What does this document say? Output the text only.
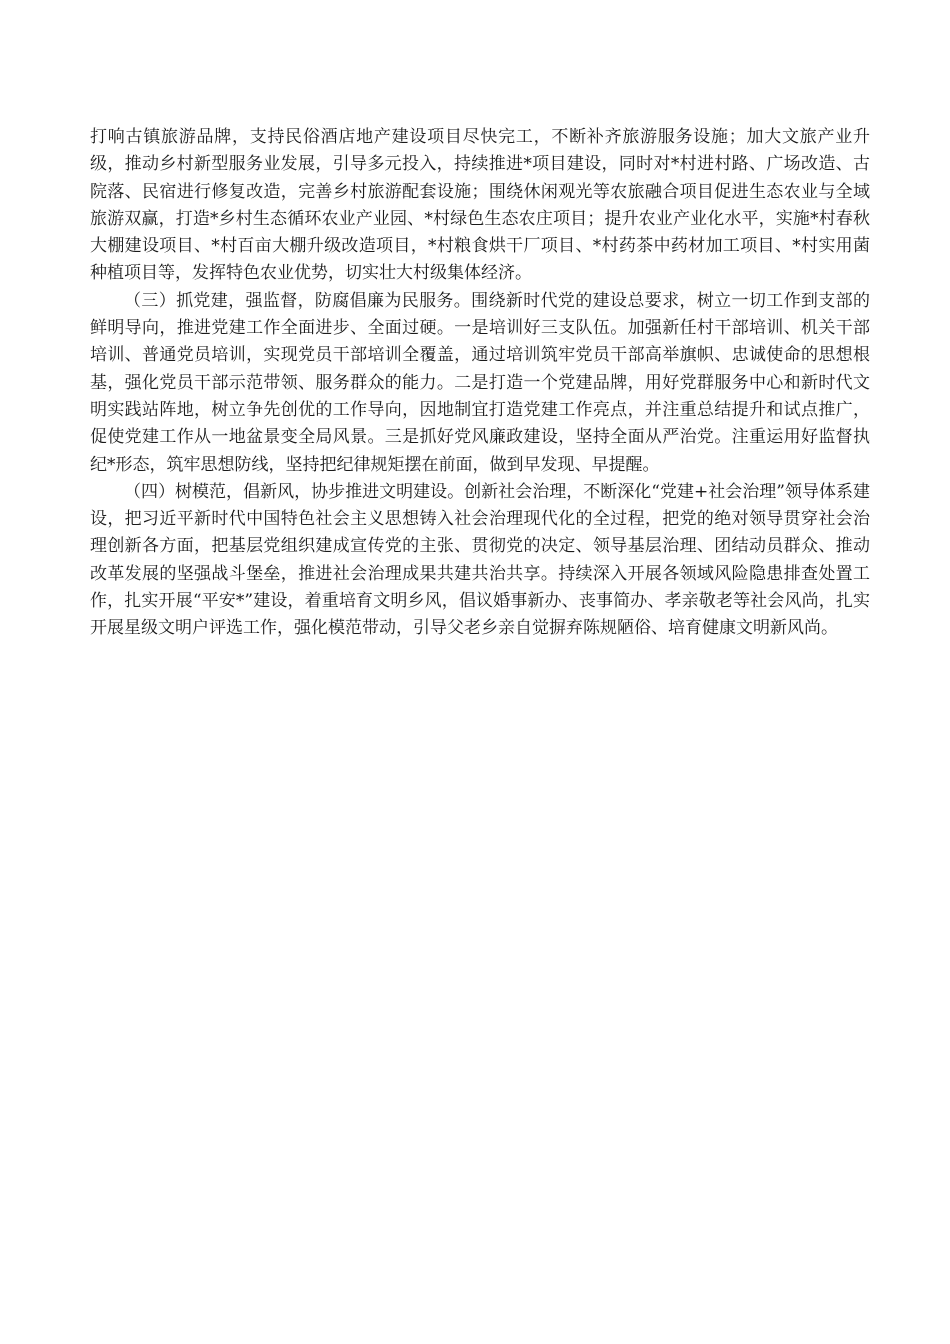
打响古镇旅游品牌，支持民俗酒店地产建设项目尽快完工，不断补齐旅游服务设施；加大文旅产业升级，推动乡村新型服务业发展，引导多元投入，持续推进*项目建设，同时对*村进村路、广场改造、古院落、民宿进行修复改造，完善乡村旅游配套设施；围绕休闲观光等农旅融合项目促进生态农业与全域旅游双赢，打造*乡村生态循环农业产业园、*村绿色生态农庄项目；提升农业产业化水平，实施*村春秋大棚建设项目、*村百亩大棚升级改造项目，*村粮食烘干厂项目、*村药茶中药材加工项目、*村实用菌种植项目等，发挥特色农业优势，切实壮大村级集体经济。

（三）抓党建，强监督，防腐倡廉为民服务。围绕新时代党的建设总要求，树立一切工作到支部的鲜明导向，推进党建工作全面进步、全面过硬。一是培训好三支队伍。加强新任村干部培训、机关干部培训、普通党员培训，实现党员干部培训全覆盖，通过培训筑牢党员干部高举旗帜、忠诚使命的思想根基，强化党员干部示范带领、服务群众的能力。二是打造一个党建品牌，用好党群服务中心和新时代文明实践站阵地，树立争先创优的工作导向，因地制宜打造党建工作亮点，并注重总结提升和试点推广，促使党建工作从一地盆景变全局风景。三是抓好党风廉政建设，坚持全面从严治党。注重运用好监督执纪*形态，筑牢思想防线，坚持把纪律规矩摆在前面，做到早发现、早提醒。

（四）树模范，倡新风，协步推进文明建设。创新社会治理，不断深化“党建+社会治理”领导体系建设，把习近平新时代中国特色社会主义思想铸入社会治理现代化的全过程，把党的绝对领导贯穿社会治理创新各方面，把基层党组织建成宣传党的主张、贯彻党的决定、领导基层治理、团结动员群众、推动改革发展的坚强战斗堡垒，推进社会治理成果共建共治共享。持续深入开展各领域风险隐患排查处置工作，扎实开展“平安*”建设，着重培育文明乡风，倡议婚事新办、丧事简办、孝亲敬老等社会风尚，扎实开展星级文明户评选工作，强化模范带动，引导父老乡亲自觉摒弃陈规陋俗、培育健康文明新风尚。
